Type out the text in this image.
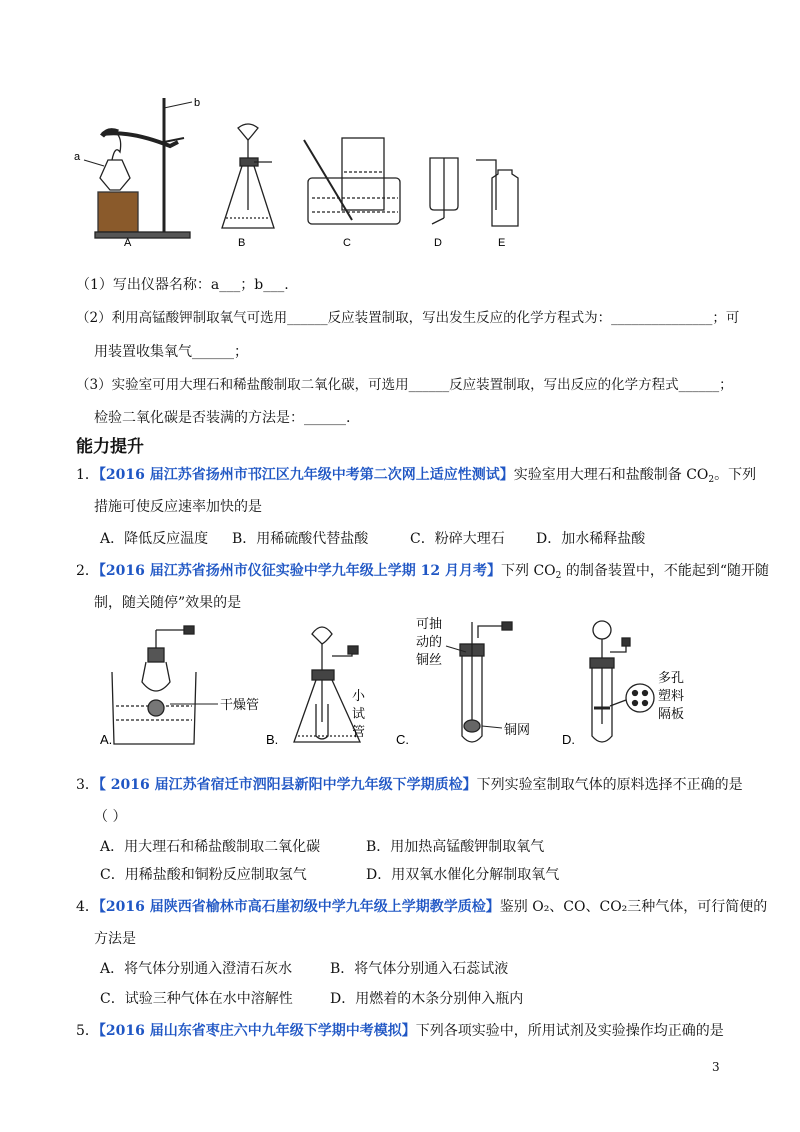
b
a
A	B	C	D	E
（1）写出仪器名称：a___；b___.
（2）利用高锰酸钾制取氧气可选用______反应装置制取，写出发生反应的化学方程式为：_______________；可
用装置收集氧气______；
（3）实验室可用大理石和稀盐酸制取二氧化碳，可选用______反应装置制取，写出反应的化学方程式______；
检验二氧化碳是否装满的方法是：______.
能力提升
1．【2016 届江苏省扬州市邗江区九年级中考第二次网上适应性测试】实验室用大理石和盐酸制备 $CO_2$。下列
措施可使反应速率加快的是
A．降低反应温度 B．用稀硫酸代替盐酸	C．粉碎大理石 D．加水稀释盐酸
2．【2016 届江苏省扬州市仪征实验中学九年级上学期 12 月月考】下列 $CO_2$ 的制备装置中，不能起到“随开随
制，随关随停”效果的是
干燥管
A.
小
试
管
B.
可抽
动的
铜丝
铜网
C.
多孔
塑料
隔板
D.
3．【 2016 届江苏省宿迁市泗阳县新阳中学九年级下学期质检】下列实验室制取气体的原料选择不正确的是
（ ）
A．用大理石和稀盐酸制取二氧化碳	B．用加热高锰酸钾制取氧气
C．用稀盐酸和铜粉反应制取氢气	D．用双氧水催化分解制取氧气
4．【2016 届陕西省榆林市高石崖初级中学九年级上学期教学质检】鉴别 O₂、CO、CO₂三种气体，可行简便的
方法是
A．将气体分别通入澄清石灰水	B．将气体分别通入石蕊试液
C．试验三种气体在水中溶解性	D．用燃着的木条分别伸入瓶内
5．【2016 届山东省枣庄六中九年级下学期中考模拟】下列各项实验中，所用试剂及实验操作均正确的是
3
